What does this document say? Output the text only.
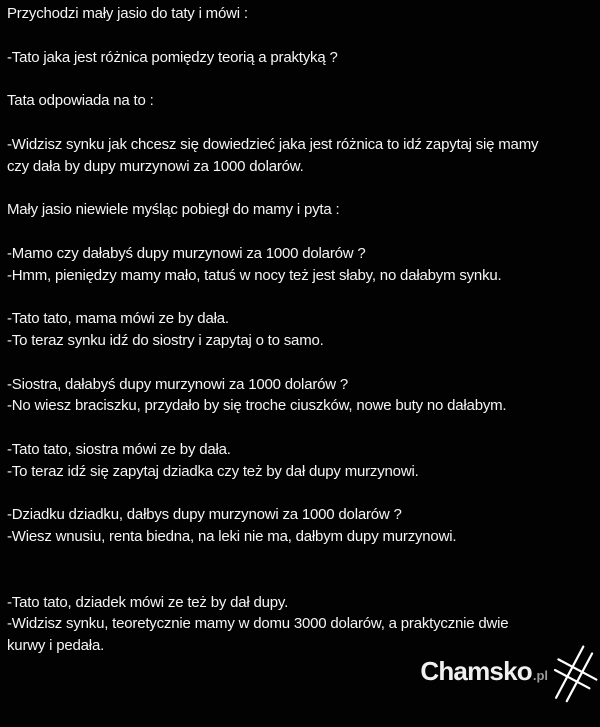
Przychodzi mały jasio do taty i mówi :
-Tato jaka jest różnica pomiędzy teorią a praktyką ?
Tata odpowiada na to :
-Widzisz synku jak chcesz się dowiedzieć jaka jest różnica to idź zapytaj się mamy
czy dała by dupy murzynowi za 1000 dolarów.
Mały jasio niewiele myśląc pobiegł do mamy i pyta :
-Mamo czy dałabyś dupy murzynowi za 1000 dolarów ?
-Hmm, pieniędzy mamy mało, tatuś w nocy też jest słaby, no dałabym synku.
-Tato tato, mama mówi ze by dała.
-To teraz synku idź do siostry i zapytaj o to samo.
-Siostra, dałabyś dupy murzynowi za 1000 dolarów ?
-No wiesz braciszku, przydało by się troche ciuszków, nowe buty no dałabym.
-Tato tato, siostra mówi ze by dała.
-To teraz idź się zapytaj dziadka czy też by dał dupy murzynowi.
-Dziadku dziadku, dałbys dupy murzynowi za 1000 dolarów ?
-Wiesz wnusiu, renta biedna, na leki nie ma, dałbym dupy murzynowi.
-Tato tato, dziadek mówi ze też by dał dupy.
-Widzisz synku, teoretycznie mamy w domu 3000 dolarów, a praktycznie dwie
kurwy i pedała.
Chamsko .pl
